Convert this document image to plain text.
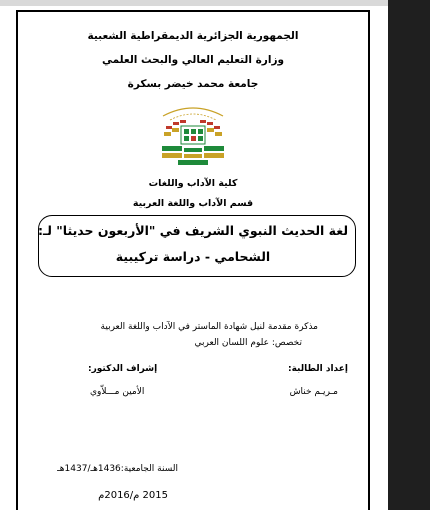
الجمهورية الجزائرية الديمقراطية الشعبية
وزارة التعليم العالي والبحث العلمي
جامعة محمد خيضر بسكرة
كلية الآداب واللغات
قسم الآداب واللغة العربية
لغة الحديث النبوي الشريف في "الأربعون حديثا" لـ:
الشحامي - دراسة تركيبية
مذكرة مقدمة لنيل شهادة الماستر في الآداب واللغة العربية
تخصص: علوم اللسان العربي
إعداد الطالبة:
إشراف الدكتور:
مـريـم خناش
الأمين مـــلاّوي
السنة الجامعية:1436هـ/1437هـ
2015 م/2016م
